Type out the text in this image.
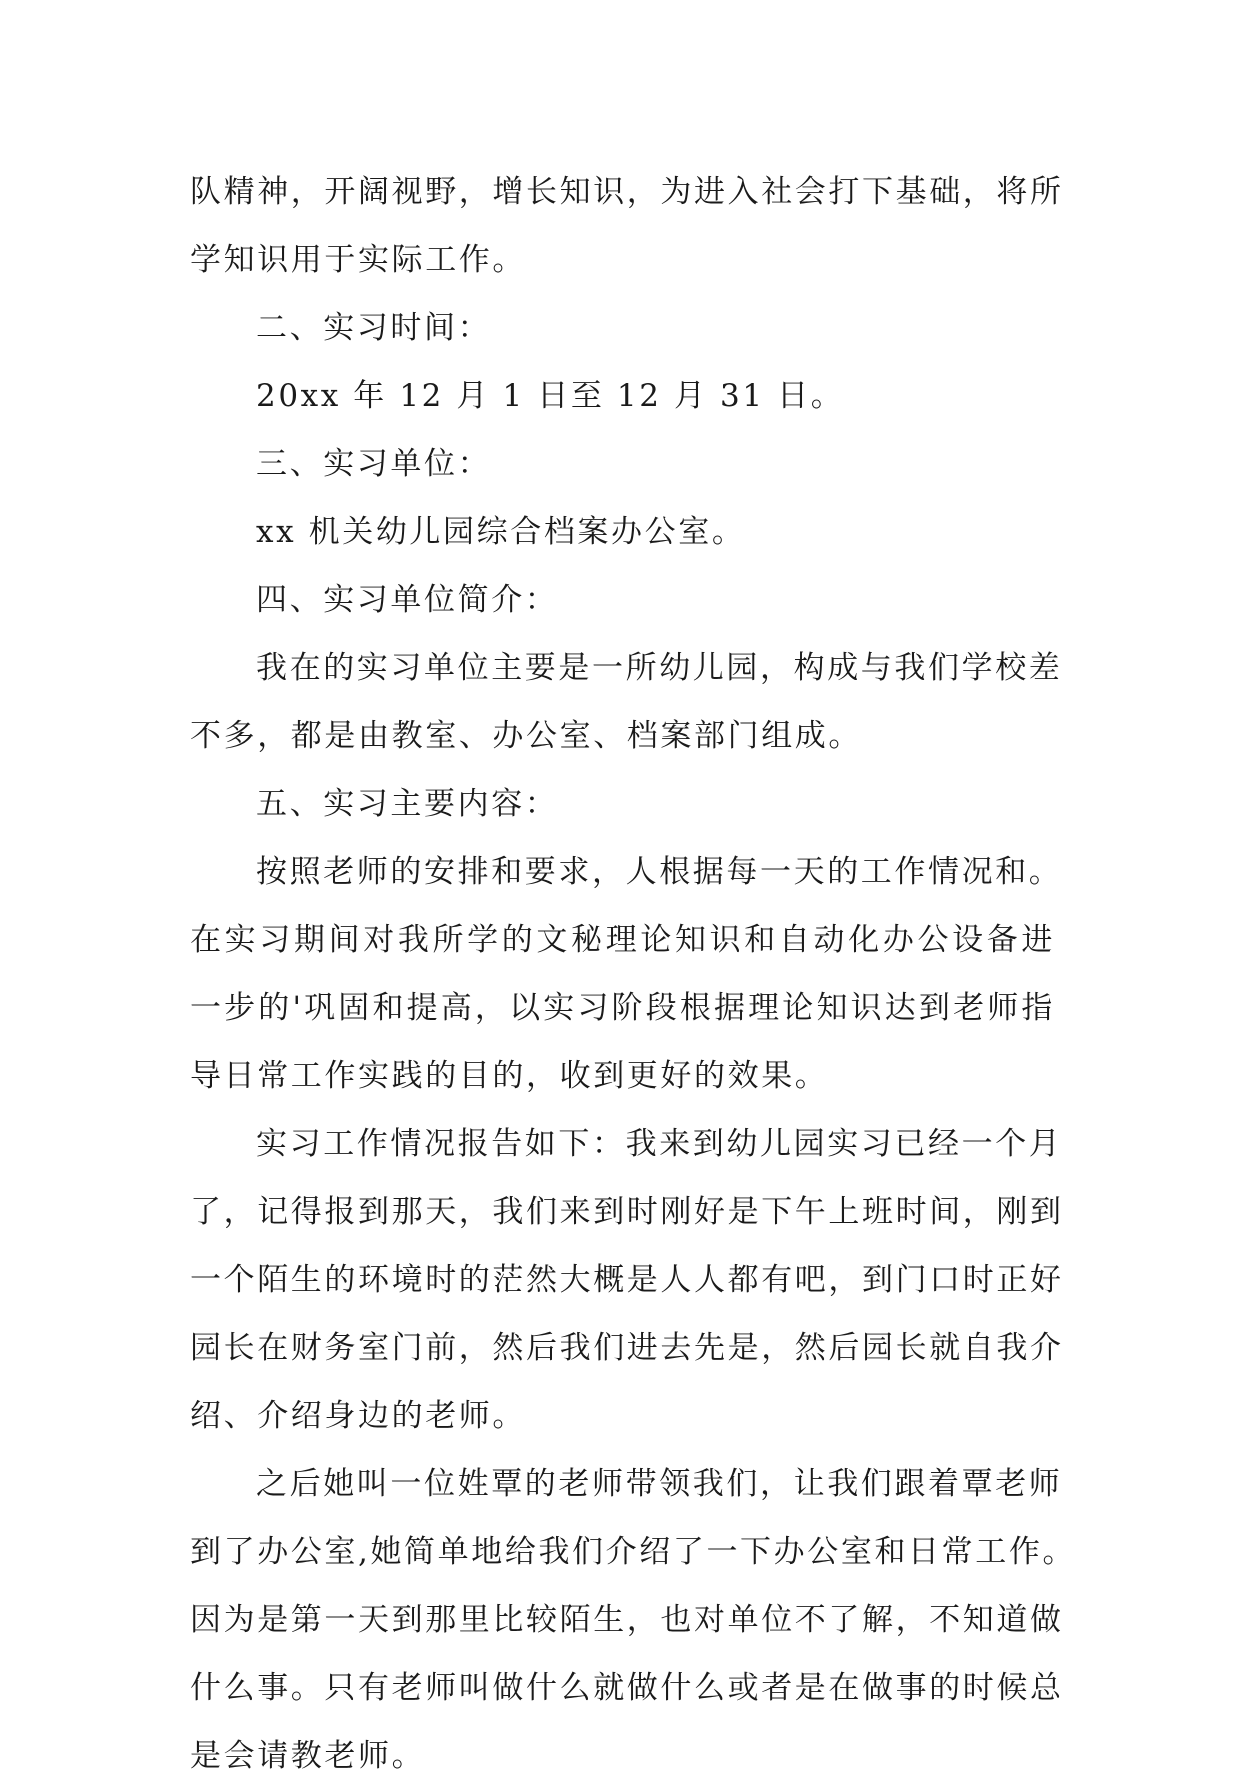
队精神，开阔视野，增长知识，为进入社会打下基础，将所
学知识用于实际工作。
二、实习时间：
20xx 年 12 月 1 日至 12 月 31 日。
三、实习单位：
xx 机关幼儿园综合档案办公室。
四、实习单位简介：
我在的实习单位主要是一所幼儿园，构成与我们学校差
不多，都是由教室、办公室、档案部门组成。
五、实习主要内容：
按照老师的安排和要求，人根据每一天的工作情况和。
在实习期间对我所学的文秘理论知识和自动化办公设备进
一步的'巩固和提高，以实习阶段根据理论知识达到老师指
导日常工作实践的目的，收到更好的效果。
实习工作情况报告如下：我来到幼儿园实习已经一个月
了，记得报到那天，我们来到时刚好是下午上班时间，刚到
一个陌生的环境时的茫然大概是人人都有吧，到门口时正好
园长在财务室门前，然后我们进去先是，然后园长就自我介
绍、介绍身边的老师。
之后她叫一位姓覃的老师带领我们，让我们跟着覃老师
到了办公室,她简单地给我们介绍了一下办公室和日常工作。
因为是第一天到那里比较陌生，也对单位不了解，不知道做
什么事。只有老师叫做什么就做什么或者是在做事的时候总
是会请教老师。
